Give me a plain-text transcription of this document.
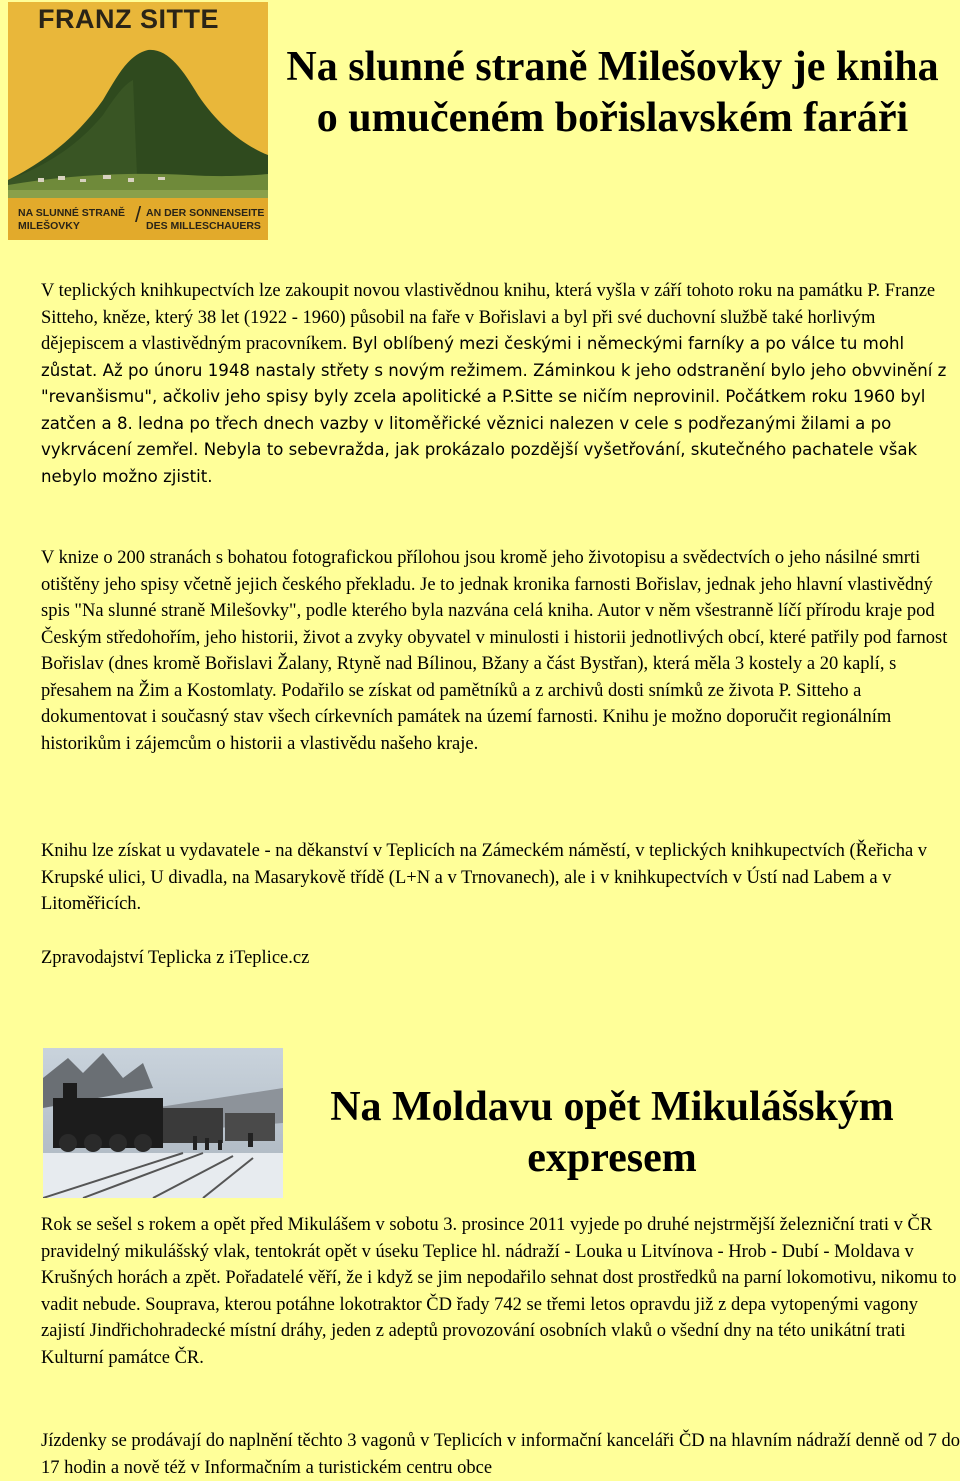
FRANZ SITTE
NA SLUNNÉ STRANĚ
MILEŠOVKY	/ AN DER SONNENSEITE
DES MILLESCHAUERS
Na slunné straně Milešovky je kniha o umučeném bořislavském faráři

V teplických knihkupectvích lze zakoupit novou vlastivědnou knihu, která vyšla v září tohoto roku na památku P. Franze Sitteho, kněze, který 38 let (1922 - 1960) působil na faře v Bořislavi a byl při své duchovní službě také horlivým dějepiscem a vlastivědným pracovníkem. Byl oblíbený mezi českými i německými farníky a po válce tu mohl zůstat. Až po únoru 1948 nastaly střety s novým režimem. Záminkou k jeho odstranění bylo jeho obvvinění z "revanšismu", ačkoliv jeho spisy byly zcela apolitické a P.Sitte se ničím neprovinil. Počátkem roku 1960 byl zatčen a 8. ledna po třech dnech vazby v litoměřické věznici nalezen v cele s podřezanými žilami a po vykrvácení zemřel. Nebyla to sebevražda, jak prokázalo pozdější vyšetřování, skutečného pachatele však nebylo možno zjistit.

V knize o 200 stranách s bohatou fotografickou přílohou jsou kromě jeho životopisu a svědectvích o jeho násilné smrti otištěny jeho spisy včetně jejich českého překladu. Je to jednak kronika farnosti Bořislav, jednak jeho hlavní vlastivědný spis "Na slunné straně Milešovky", podle kterého byla nazvána celá kniha. Autor v něm všestranně líčí přírodu kraje pod Českým středohořím, jeho historii, život a zvyky obyvatel v minulosti i historii jednotlivých obcí, které patřily pod farnost Bořislav (dnes kromě Bořislavi Žalany, Rtyně nad Bílinou, Bžany a část Bystřan), která měla 3 kostely a 20 kaplí, s přesahem na Žim a Kostomlaty. Podařilo se získat od pamětníků a z archivů dosti snímků ze života P. Sitteho a dokumentovat i současný stav všech církevních památek na území farnosti. Knihu je možno doporučit regionálním historikům i zájemcům o historii a vlastivědu našeho kraje.

Knihu lze získat u vydavatele - na děkanství v Teplicích na Zámeckém náměstí, v teplických knihkupectvích (Řeřicha v Krupské ulici, U divadla, na Masarykově třídě (L+N a v Trnovanech), ale i v knihkupectvích v Ústí nad Labem a v Litoměřicích.

Zpravodajství Teplicka z iTeplice.cz

Na Moldavu opět Mikulášským expresem

Rok se sešel s rokem a opět před Mikulášem v sobotu 3. prosince 2011 vyjede po druhé nejstrmější železniční trati v ČR pravidelný mikulášský vlak, tentokrát opět v úseku Teplice hl. nádraží - Louka u Litvínova - Hrob - Dubí - Moldava v Krušných horách a zpět. Pořadatelé věří, že i když se jim nepodařilo sehnat dost prostředků na parní lokomotivu, nikomu to vadit nebude. Souprava, kterou potáhne lokotraktor ČD řady 742 se třemi letos opravdu již z depa vytopenými vagony zajistí Jindřichohradecké místní dráhy, jeden z adeptů provozování osobních vlaků o všední dny na této unikátní trati Kulturní památce ČR.

Jízdenky se prodávají do naplnění těchto 3 vagonů v Teplicích v informační kanceláři ČD na hlavním nádraží denně od 7 do 17 hodin a nově též v Informačním a turistickém centru obce
